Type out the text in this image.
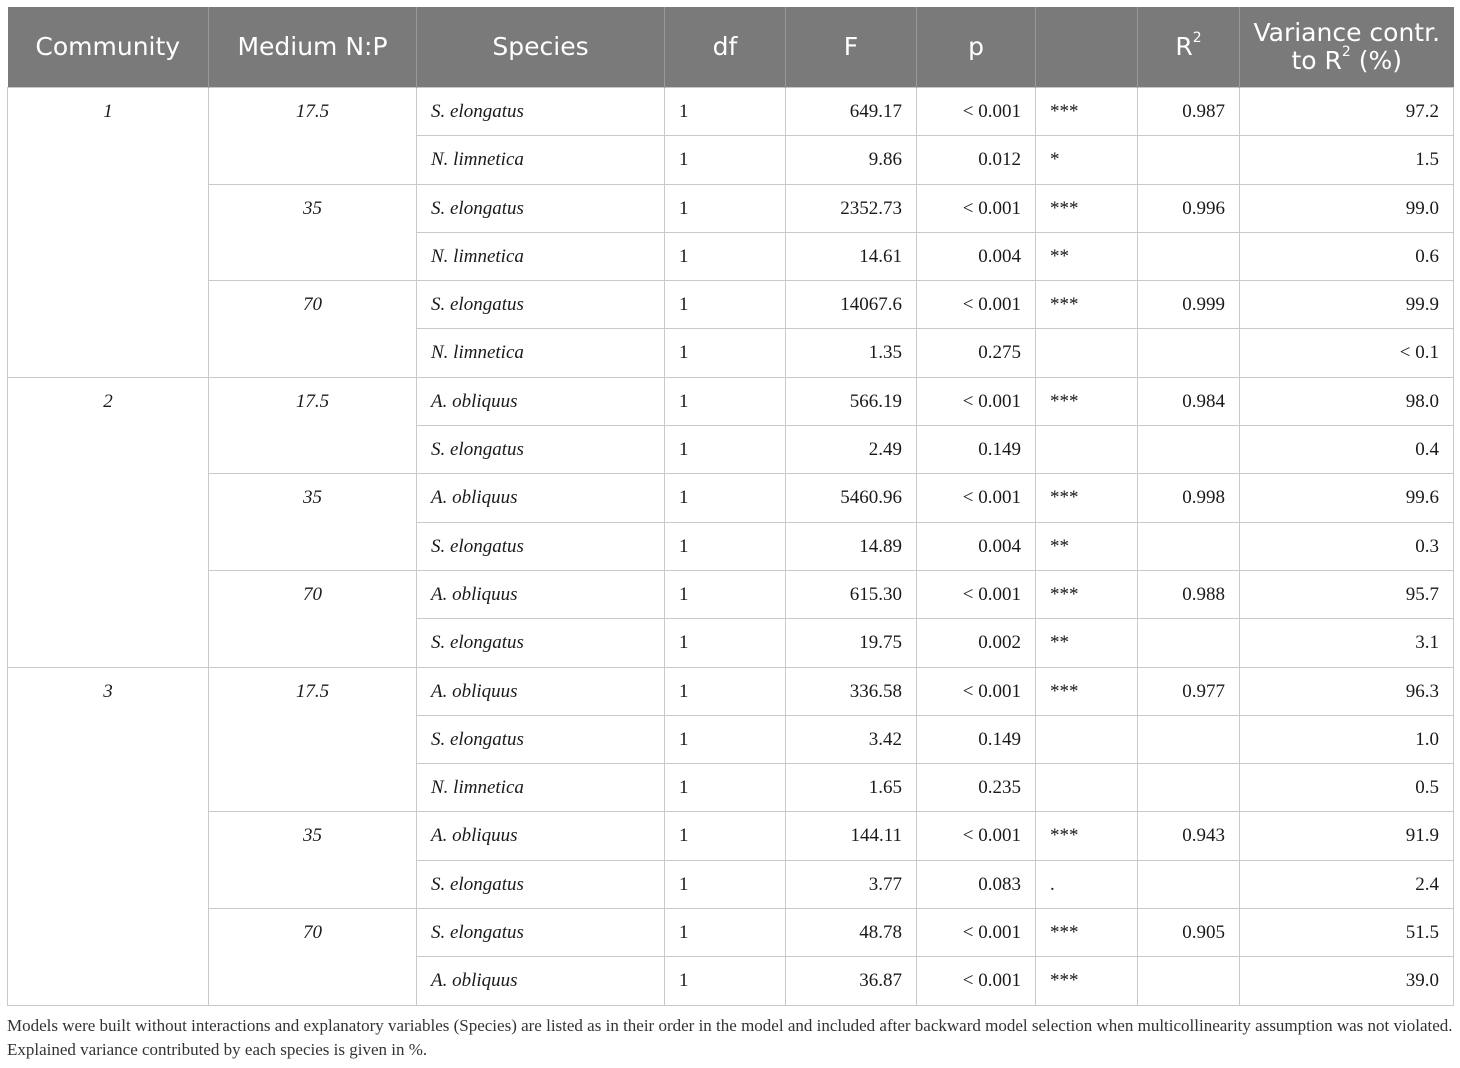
Community	Medium N:P	Species	df	F	p		$R^2$	Variance contr.
to $R^2$ (%)

1	17.5	S. elongatus	1	649.17	< 0.001	***	0.987	97.2
		N. limnetica	1	9.86	0.012	*		1.5
	35	S. elongatus	1	2352.73	< 0.001	***	0.996	99.0
		N. limnetica	1	14.61	0.004	**		0.6
	70	S. elongatus	1	14067.6	< 0.001	***	0.999	99.9
		N. limnetica	1	1.35	0.275			< 0.1
2	17.5	A. obliquus	1	566.19	< 0.001	***	0.984	98.0
		S. elongatus	1	2.49	0.149			0.4
	35	A. obliquus	1	5460.96	< 0.001	***	0.998	99.6
		S. elongatus	1	14.89	0.004	**		0.3
	70	A. obliquus	1	615.30	< 0.001	***	0.988	95.7
		S. elongatus	1	19.75	0.002	**		3.1
3	17.5	A. obliquus	1	336.58	< 0.001	***	0.977	96.3
		S. elongatus	1	3.42	0.149			1.0
		N. limnetica	1	1.65	0.235			0.5
	35	A. obliquus	1	144.11	< 0.001	***	0.943	91.9
		S. elongatus	1	3.77	0.083	.		2.4
	70	S. elongatus	1	48.78	< 0.001	***	0.905	51.5
		A. obliquus	1	36.87	< 0.001	***		39.0
Models were built without interactions and explanatory variables (Species) are listed as in their order in the model and included after backward model selection when multicollinearity assumption was not violated. Explained variance contributed by each species is given in %.
